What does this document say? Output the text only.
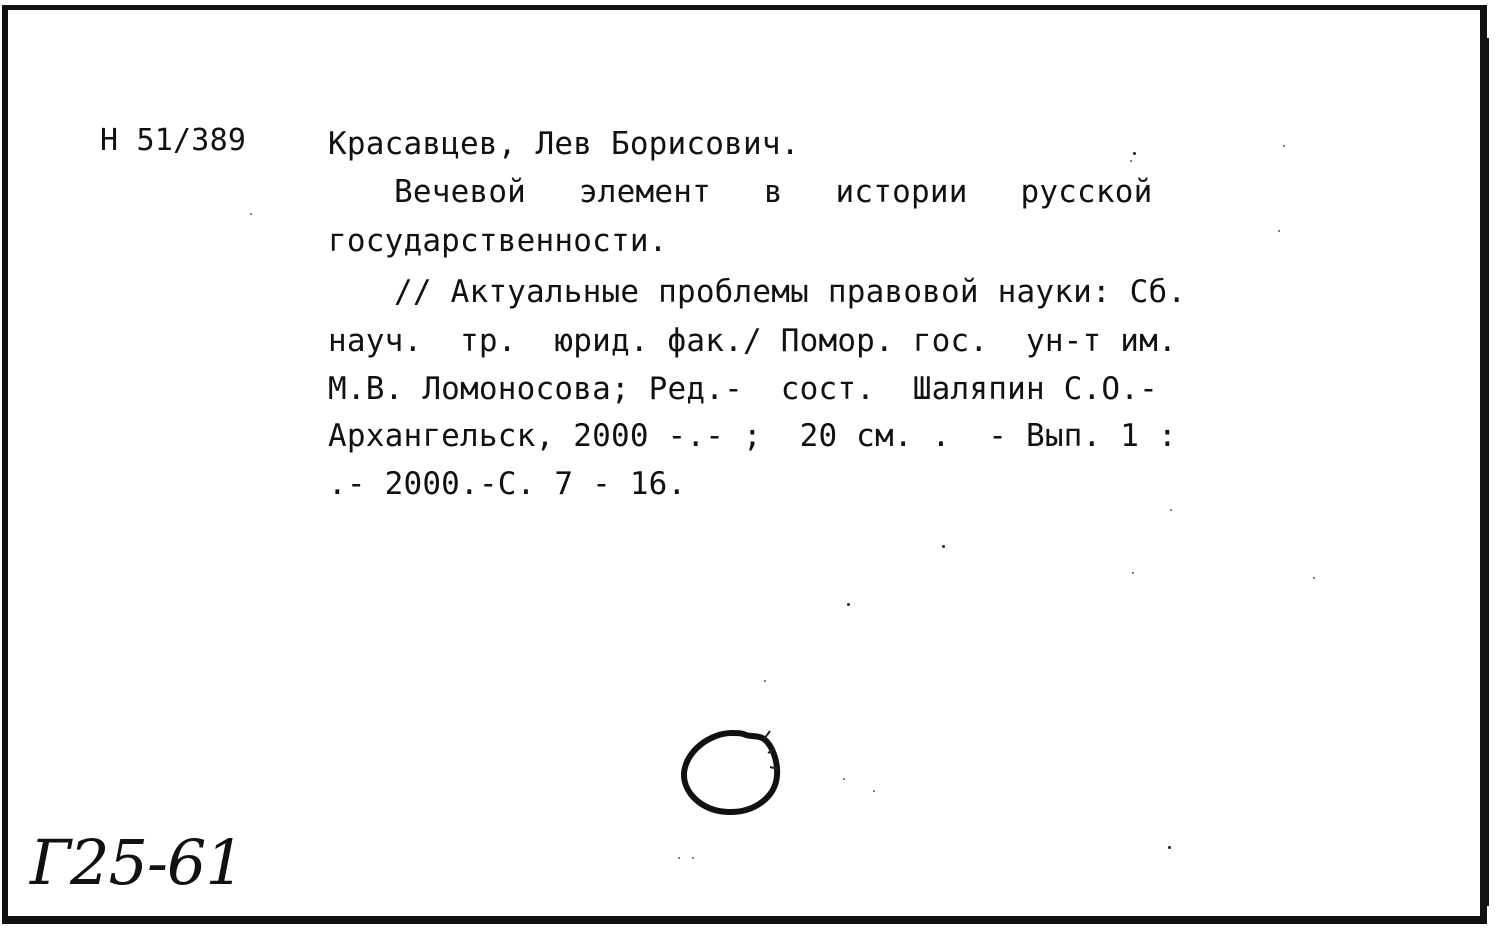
Н 51/389	Красавцев, Лев Борисович.
Вечевой элемент в истории русской
государственности.
// Актуальные проблемы правовой науки: Сб.
науч.  тр.  юрид. фак./ Помор. гос.  ун-т им.
М.В. Ломоносова; Ред.-  сост.  Шаляпин С.О.-
Архангельск, 2000 -.- ;  20 см. .  - Вып. 1 :
.- 2000.-С. 7 - 16.
Г25-61
